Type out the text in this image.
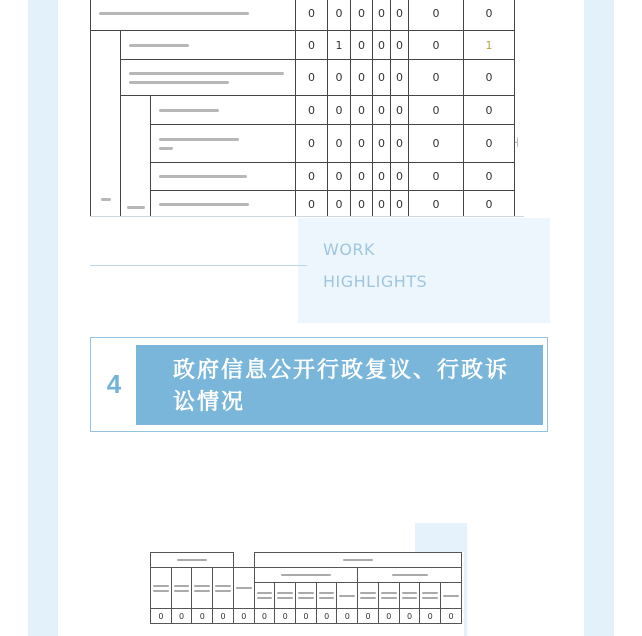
			0	0	0	0	0	0	0

		0	1	0	0	0	0	1

			0	0	0	0	0	0	0

		0	0	0	0	0	0	0

			0	0	0	0	0	0	0

			0	0	0	0	0	0	0

			0	0	0	0	0	0	0
┤
WORK
HIGHLIGHTS
4	政府信息公开行政复议、行政诉讼情况

0	0	0	0	0	0	0	0	0	0	0	0	0	0	0
